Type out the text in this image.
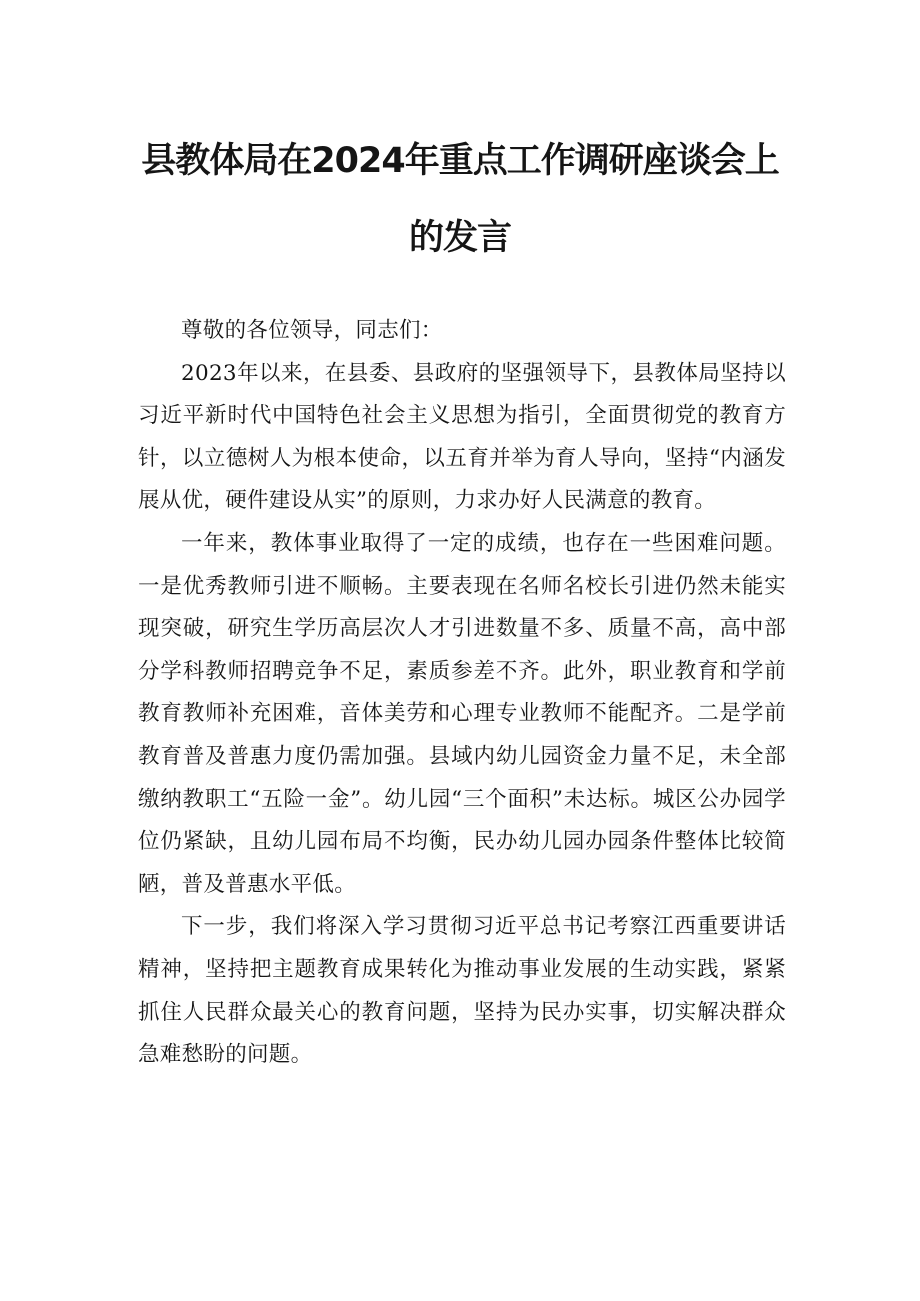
县教体局在2024年重点工作调研座谈会上
的发言

尊敬的各位领导，同志们：

2023年以来，在县委、县政府的坚强领导下，县教体局坚持以习近平新时代中国特色社会主义思想为指引，全面贯彻党的教育方针，以立德树人为根本使命，以五育并举为育人导向，坚持“内涵发展从优，硬件建设从实”的原则，力求办好人民满意的教育。

一年来，教体事业取得了一定的成绩，也存在一些困难问题。一是优秀教师引进不顺畅。主要表现在名师名校长引进仍然未能实现突破，研究生学历高层次人才引进数量不多、质量不高，高中部分学科教师招聘竞争不足，素质参差不齐。此外，职业教育和学前教育教师补充困难，音体美劳和心理专业教师不能配齐。二是学前教育普及普惠力度仍需加强。县域内幼儿园资金力量不足，未全部缴纳教职工“五险一金”。幼儿园“三个面积”未达标。城区公办园学位仍紧缺，且幼儿园布局不均衡，民办幼儿园办园条件整体比较简陋，普及普惠水平低。

下一步，我们将深入学习贯彻习近平总书记考察江西重要讲话精神，坚持把主题教育成果转化为推动事业发展的生动实践，紧紧抓住人民群众最关心的教育问题，坚持为民办实事，切实解决群众急难愁盼的问题。
